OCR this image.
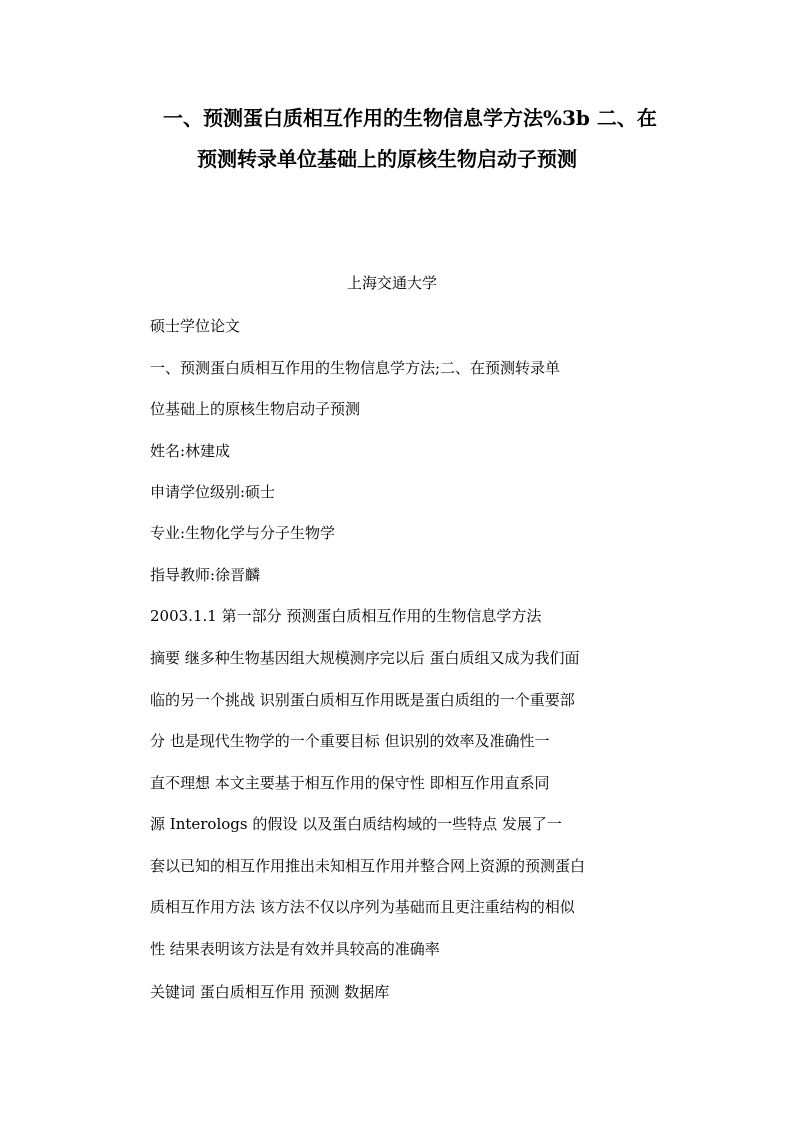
一、预测蛋白质相互作用的生物信息学方法%3b 二、在
预测转录单位基础上的原核生物启动子预测
上海交通大学
硕士学位论文
一、预测蛋白质相互作用的生物信息学方法;二、在预测转录单
位基础上的原核生物启动子预测
姓名:林建成
申请学位级别:硕士
专业:生物化学与分子生物学
指导教师:徐晋麟
2003.1.1 第一部分 预测蛋白质相互作用的生物信息学方法
摘要 继多种生物基因组大规模测序完以后 蛋白质组又成为我们面
临的另一个挑战 识别蛋白质相互作用既是蛋白质组的一个重要部
分 也是现代生物学的一个重要目标 但识别的效率及准确性一
直不理想 本文主要基于相互作用的保守性 即相互作用直系同
源 Interologs 的假设 以及蛋白质结构域的一些特点 发展了一
套以已知的相互作用推出未知相互作用并整合网上资源的预测蛋白
质相互作用方法 该方法不仅以序列为基础而且更注重结构的相似
性 结果表明该方法是有效并具较高的准确率
关键词 蛋白质相互作用 预测 数据库
